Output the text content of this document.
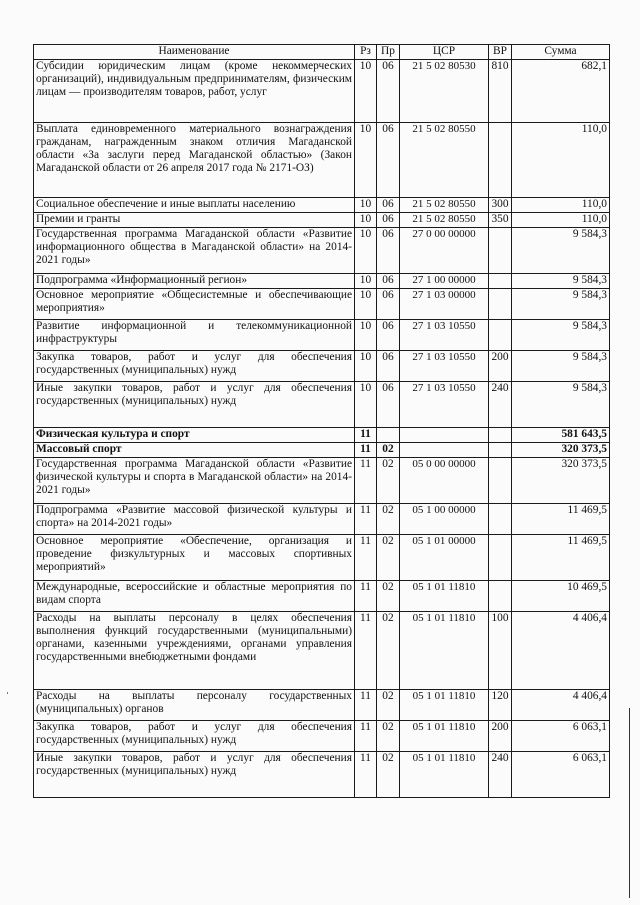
Наименование	Рз	Пр	ЦСР	ВР	Сумма
Субсидии юридическим лицам (кроме некоммерческих организаций), индивидуальным предпринимателям, физическим лицам — производителям товаров, работ, услуг	10	06	21 5 02 80530	810	682,1
Выплата единовременного материального вознаграждения гражданам, награжденным знаком отличия Магаданской области «За заслуги перед Магаданской областью» (Закон Магаданской области от 26 апреля 2017 года № 2171-ОЗ)	10	06	21 5 02 80550		110,0
Социальное обеспечение и иные выплаты населению	10	06	21 5 02 80550	300	110,0
Премии и гранты	10	06	21 5 02 80550	350	110,0
Государственная программа Магаданской области «Развитие информационного общества в Магаданской области» на 2014-2021 годы»	10	06	27 0 00 00000		9 584,3
Подпрограмма «Информационный регион»	10	06	27 1 00 00000		9 584,3
Основное мероприятие «Общесистемные и обеспечивающие мероприятия»	10	06	27 1 03 00000		9 584,3
Развитие информационной и телекоммуникационной инфраструктуры	10	06	27 1 03 10550		9 584,3
Закупка товаров, работ и услуг для обеспечения государственных (муниципальных) нужд	10	06	27 1 03 10550	200	9 584,3
Иные закупки товаров, работ и услуг для обеспечения государственных (муниципальных) нужд	10	06	27 1 03 10550	240	9 584,3
Физическая культура и спорт	11				581 643,5
Массовый спорт	11	02			320 373,5
Государственная программа Магаданской области «Развитие физической культуры и спорта в Магаданской области» на 2014-2021 годы»	11	02	05 0 00 00000		320 373,5
Подпрограмма «Развитие массовой физической культуры и спорта» на 2014-2021 годы»	11	02	05 1 00 00000		11 469,5
Основное мероприятие «Обеспечение, организация и проведение физкультурных и массовых спортивных мероприятий»	11	02	05 1 01 00000		11 469,5
Международные, всероссийские и областные мероприятия по видам спорта	11	02	05 1 01 11810		10 469,5
Расходы на выплаты персоналу в целях обеспечения выполнения функций государственными (муниципальными) органами, казенными учреждениями, органами управления государственными внебюджетными фондами	11	02	05 1 01 11810	100	4 406,4
Расходы на выплаты персоналу государственных (муниципальных) органов	11	02	05 1 01 11810	120	4 406,4
Закупка товаров, работ и услуг для обеспечения государственных (муниципальных) нужд	11	02	05 1 01 11810	200	6 063,1
Иные закупки товаров, работ и услуг для обеспечения государственных (муниципальных) нужд	11	02	05 1 01 11810	240	6 063,1
